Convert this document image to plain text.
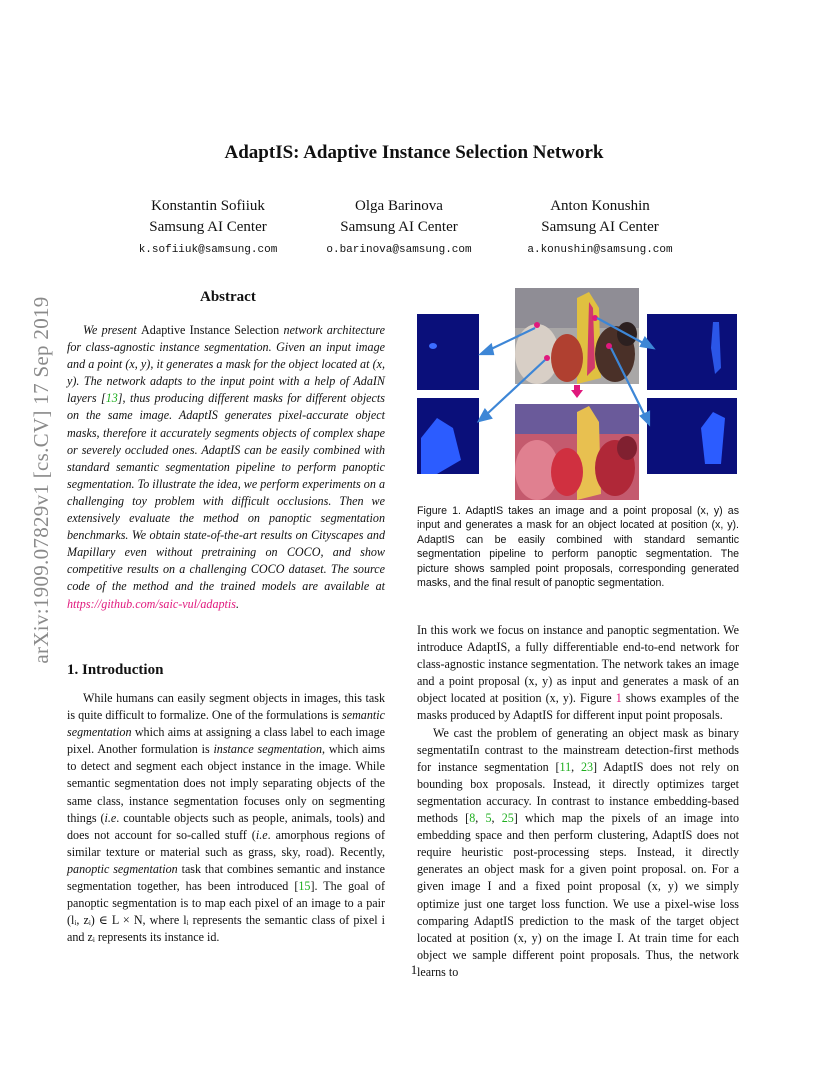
arXiv:1909.07829v1 [cs.CV] 17 Sep 2019
AdaptIS: Adaptive Instance Selection Network
Konstantin Sofiiuk
Samsung AI Center
k.sofiiuk@samsung.com
Olga Barinova
Samsung AI Center
o.barinova@samsung.com
Anton Konushin
Samsung AI Center
a.konushin@samsung.com
Abstract
We present Adaptive Instance Selection network architecture for class-agnostic instance segmentation. Given an input image and a point (x, y), it generates a mask for the object located at (x, y). The network adapts to the input point with a help of AdaIN layers [13], thus producing different masks for different objects on the same image. AdaptIS generates pixel-accurate object masks, therefore it accurately segments objects of complex shape or severely occluded ones. AdaptIS can be easily combined with standard semantic segmentation pipeline to perform panoptic segmentation. To illustrate the idea, we perform experiments on a challenging toy problem with difficult occlusions. Then we extensively evaluate the method on panoptic segmentation benchmarks. We obtain state-of-the-art results on Cityscapes and Mapillary even without pretraining on COCO, and show competitive results on a challenging COCO dataset. The source code of the method and the trained models are available at https://github.com/saic-vul/adaptis.
Figure 1. AdaptIS takes an image and a point proposal (x, y) as input and generates a mask for an object located at position (x, y). AdaptIS can be easily combined with standard semantic segmentation pipeline to perform panoptic segmentation. The picture shows sampled point proposals, corresponding generated masks, and the final result of panoptic segmentation.
1. Introduction

While humans can easily segment objects in images, this task is quite difficult to formalize. One of the formulations is semantic segmentation which aims at assigning a class label to each image pixel. Another formulation is instance segmentation, which aims to detect and segment each object instance in the image. While semantic segmentation does not imply separating objects of the same class, instance segmentation focuses only on segmenting things (i.e. countable objects such as people, animals, tools) and does not account for so-called stuff (i.e. amorphous regions of similar texture or material such as grass, sky, road). Recently, panoptic segmentation task that combines semantic and instance segmentation together, has been introduced [15]. The goal of panoptic segmentation is to map each pixel of an image to a pair (lᵢ, zᵢ) ∈ L × N, where lᵢ represents the semantic class of pixel i and zᵢ represents its instance id.

In this work we focus on instance and panoptic segmentation. We introduce AdaptIS, a fully differentiable end-to-end network for class-agnostic instance segmentation. The network takes an image and a point proposal (x, y) as input and generates a mask of an object located at position (x, y). Figure 1 shows examples of the masks produced by AdaptIS for different input point proposals.

We cast the problem of generating an object mask as binary segmentatiIn contrast to the mainstream detection-first methods for instance segmentation [11, 23] AdaptIS does not rely on bounding box proposals. Instead, it directly optimizes target segmentation accuracy. In contrast to instance embedding-based methods [8, 5, 25] which map the pixels of an image into embedding space and then perform clustering, AdaptIS does not require heuristic post-processing steps. Instead, it directly generates an object mask for a given point proposal. on. For a given image I and a fixed point proposal (x, y) we simply optimize just one target loss function. We use a pixel-wise loss comparing AdaptIS prediction to the mask of the target object located at position (x, y) on the image I. At train time for each object we sample different point proposals. Thus, the network learns to

1
